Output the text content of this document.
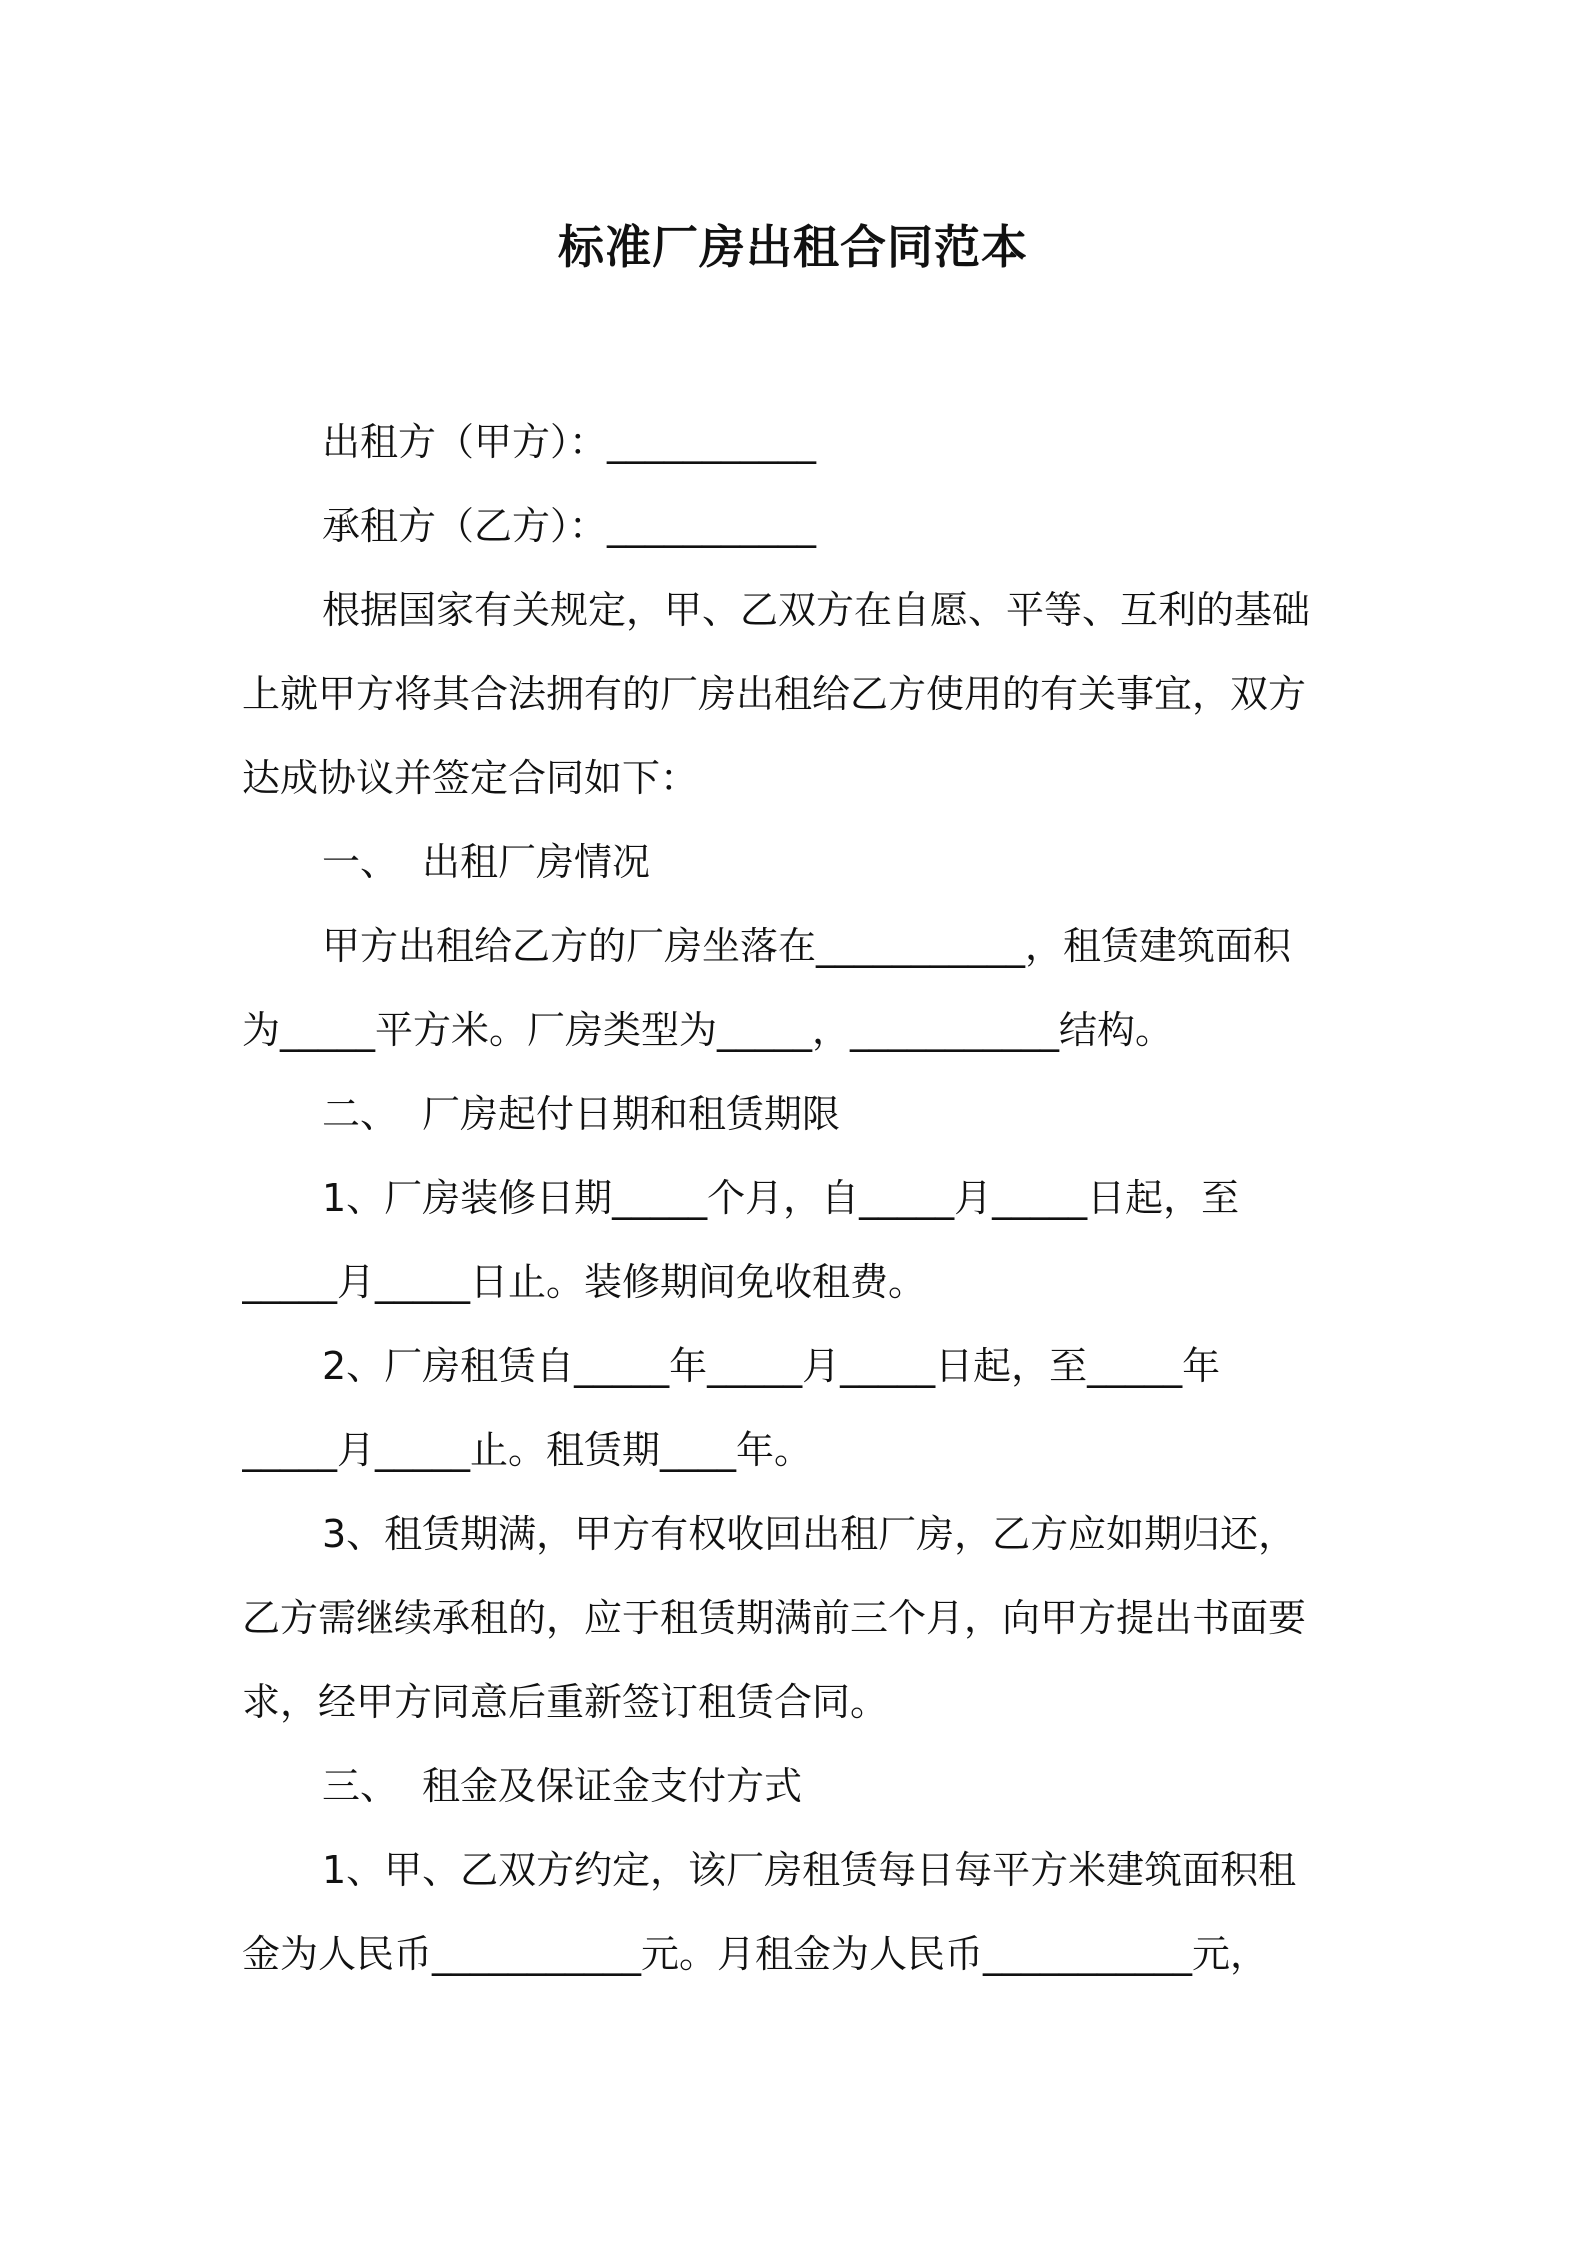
标准厂房出租合同范本
出租方（甲方）：___________
承租方（乙方）：___________
根据国家有关规定，甲、乙双方在自愿、平等、互利的基础
上就甲方将其合法拥有的厂房出租给乙方使用的有关事宜，双方
达成协议并签定合同如下：
一、 出租厂房情况
甲方出租给乙方的厂房坐落在___________，租赁建筑面积
为_____平方米。厂房类型为_____，___________结构。
二、 厂房起付日期和租赁期限
1、厂房装修日期_____个月，自_____月_____日起，至
_____月_____日止。装修期间免收租费。
2、厂房租赁自_____年_____月_____日起，至_____年
_____月_____止。租赁期____年。
3、租赁期满，甲方有权收回出租厂房，乙方应如期归还，
乙方需继续承租的，应于租赁期满前三个月，向甲方提出书面要
求，经甲方同意后重新签订租赁合同。
三、 租金及保证金支付方式
1、甲、乙双方约定，该厂房租赁每日每平方米建筑面积租
金为人民币___________元。月租金为人民币___________元，
